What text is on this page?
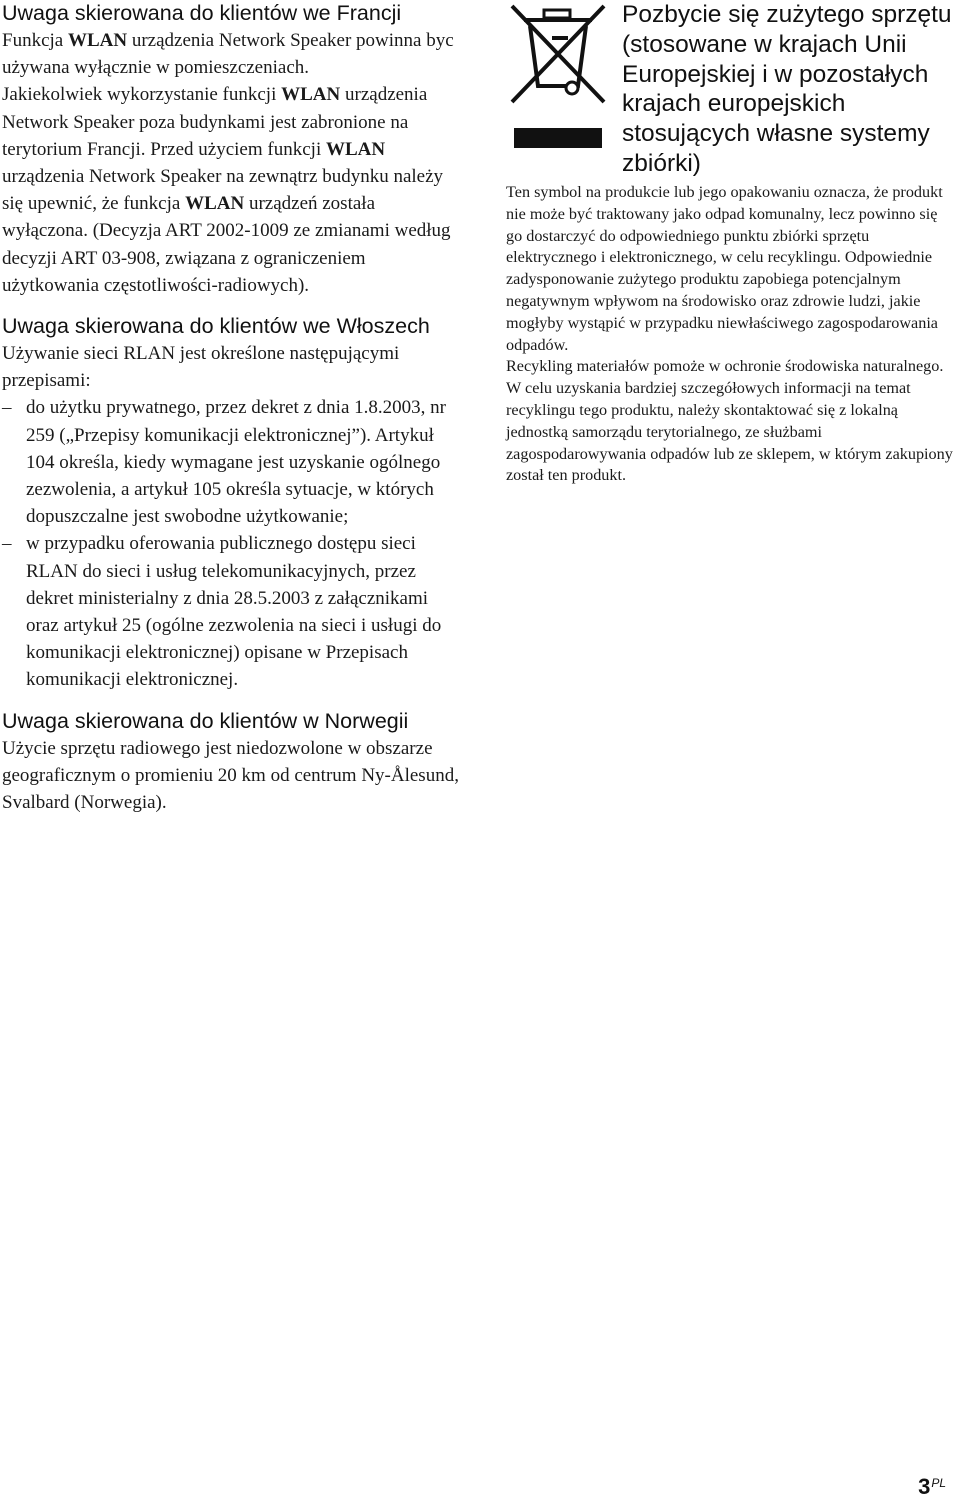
Uwaga skierowana do klientów we Francji

Funkcja WLAN urządzenia Network Speaker powinna byc używana wyłącznie w pomieszczeniach.
Jakiekolwiek wykorzystanie funkcji WLAN urządzenia Network Speaker poza budynkami jest zabronione na terytorium Francji. Przed użyciem funkcji WLAN urządzenia Network Speaker na zewnątrz budynku należy się upewnić, że funkcja WLAN urządzeń została wyłączona. (Decyzja ART 2002-1009 ze zmianami według decyzji ART 03-908, związana z ograniczeniem użytkowania częstotliwości-radiowych).

Uwaga skierowana do klientów we Włoszech

Używanie sieci RLAN jest określone następującymi przepisami:

– do użytku prywatnego, przez dekret z dnia 1.8.2003, nr 259 („Przepisy komunikacji elektronicznej”). Artykuł 104 określa, kiedy wymagane jest uzyskanie ogólnego zezwolenia, a artykuł 105 określa sytuacje, w których dopuszczalne jest swobodne użytkowanie;
– w przypadku oferowania publicznego dostępu sieci RLAN do sieci i usług telekomunikacyjnych, przez dekret ministerialny z dnia 28.5.2003 z załącznikami oraz artykuł 25 (ogólne zezwolenia na sieci i usługi do komunikacji elektronicznej) opisane w Przepisach komunikacji elektronicznej.
Uwaga skierowana do klientów w Norwegii

Użycie sprzętu radiowego jest niedozwolone w obszarze geograficznym o promieniu 20 km od centrum Ny-Ålesund, Svalbard (Norwegia).

Pozbycie się zużytego sprzętu (stosowane w krajach Unii Europejskiej i w pozostałych krajach europejskich stosujących własne systemy zbiórki)

Ten symbol na produkcie lub jego opakowaniu oznacza, że produkt nie może być traktowany jako odpad komunalny, lecz powinno się go dostarczyć do odpowiedniego punktu zbiórki sprzętu elektrycznego i elektronicznego, w celu recyklingu. Odpowiednie zadysponowanie zużytego produktu zapobiega potencjalnym negatywnym wpływom na środowisko oraz zdrowie ludzi, jakie mogłyby wystąpić w przypadku niewłaściwego zagospodarowania odpadów.

Recykling materiałów pomoże w ochronie środowiska naturalnego.

W celu uzyskania bardziej szczegółowych informacji na temat recyklingu tego produktu, należy skontaktować się z lokalną jednostką samorządu terytorialnego, ze służbami zagospodarowywania odpadów lub ze sklepem, w którym zakupiony został ten produkt.

$3^{PL}$
